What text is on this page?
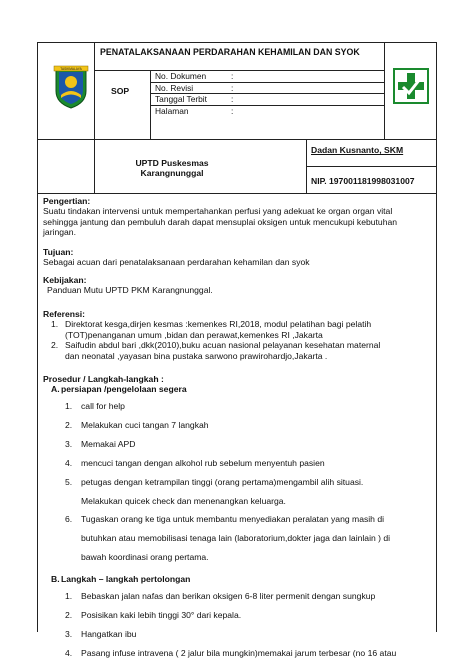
TASIKMALAYA
PENATALAKSANAAN PERDARAHAN KEHAMILAN DAN SYOK
SOP
No. Dokumen	:
No. Revisi	:
Tanggal Terbit	:
Halaman	:
UPTD Puskesmas
Karangnunggal
Dadan Kusnanto, SKM
NIP. 197001181998031007
Pengertian:
Suatu tindakan intervensi untuk mempertahankan perfusi yang adekuat ke organ organ vital
sehingga jantung dan pembuluh darah dapat mensuplai oksigen untuk mencukupi kebutuhan
jaringan.
Tujuan:
Sebagai acuan dari penatalaksanaan perdarahan kehamilan dan syok
Kebijakan:
Panduan Mutu UPTD PKM Karangnunggal.
Referensi:
1. Direktorat kesga,dirjen kesmas :kemenkes RI,2018, modul pelatihan bagi pelatih
(TOT)penanganan umum ,bidan dan perawat,kemenkes RI ,Jakarta
2. Saifudin abdul bari ,dkk(2010),buku acuan nasional pelayanan kesehatan maternal
dan neonatal ,yayasan bina pustaka sarwono prawirohardjo,Jakarta .
Prosedur / Langkah-langkah :
A. persiapan /pengelolaan segera
1. call for help
2. Melakukan cuci tangan 7 langkah
3. Memakai APD
4. mencuci tangan dengan alkohol rub sebelum menyentuh pasien
5. petugas dengan ketrampilan tinggi (orang pertama)mengambil alih situasi.
Melakukan quicek check dan menenangkan keluarga.
6. Tugaskan orang ke tiga untuk membantu menyediakan peralatan yang masih di
butuhkan atau memobilisasi tenaga lain (laboratorium,dokter jaga dan lainlain ) di
bawah koordinasi orang pertama.
B. Langkah – langkah pertolongan
1. Bebaskan jalan nafas dan berikan oksigen 6-8 liter permenit dengan sungkup
2. Posisikan kaki lebih tinggi 30° dari kepala.
3. Hangatkan ibu
4. Pasang infuse intravena ( 2 jalur bila mungkin)memakai jarum terbesar (no 16 atau
